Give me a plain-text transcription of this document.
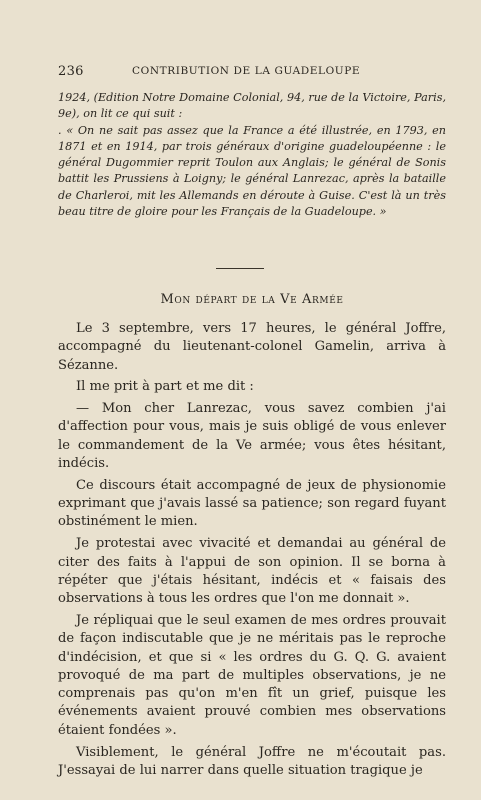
236	CONTRIBUTION DE LA GUADELOUPE

1924, (Edition Notre Domaine Colonial, 94, rue de la Victoire, Paris, 9e), on lit ce qui suit :

. « On ne sait pas assez que la France a été illustrée, en 1793, en 1871 et en 1914, par trois généraux d'origine guadeloupéenne : le général Dugommier reprit Toulon aux Anglais; le général de Sonis battit les Prussiens à Loigny; le général Lanrezac, après la bataille de Charleroi, mit les Allemands en déroute à Guise. C'est là un très beau titre de gloire pour les Français de la Guadeloupe. »

Mon départ de la Ve Armée

Le 3 septembre, vers 17 heures, le général Joffre, accompagné du lieutenant-colonel Gamelin, arriva à Sézanne.

Il me prit à part et me dit :

— Mon cher Lanrezac, vous savez combien j'ai d'affection pour vous, mais je suis obligé de vous enlever le commandement de la Ve armée; vous êtes hésitant, indécis.

Ce discours était accompagné de jeux de physionomie exprimant que j'avais lassé sa patience; son regard fuyant obstinément le mien.

Je protestai avec vivacité et demandai au général de citer des faits à l'appui de son opinion. Il se borna à répéter que j'étais hésitant, indécis et « faisais des observations à tous les ordres que l'on me donnait ».

Je répliquai que le seul examen de mes ordres prouvait de façon indiscutable que je ne méritais pas le reproche d'indécision, et que si « les ordres du G. Q. G. avaient provoqué de ma part de multiples observations, je ne comprenais pas qu'on m'en fît un grief, puisque les événements avaient prouvé combien mes observations étaient fondées ».

Visiblement, le général Joffre ne m'écoutait pas. J'essayai de lui narrer dans quelle situation tragique je
